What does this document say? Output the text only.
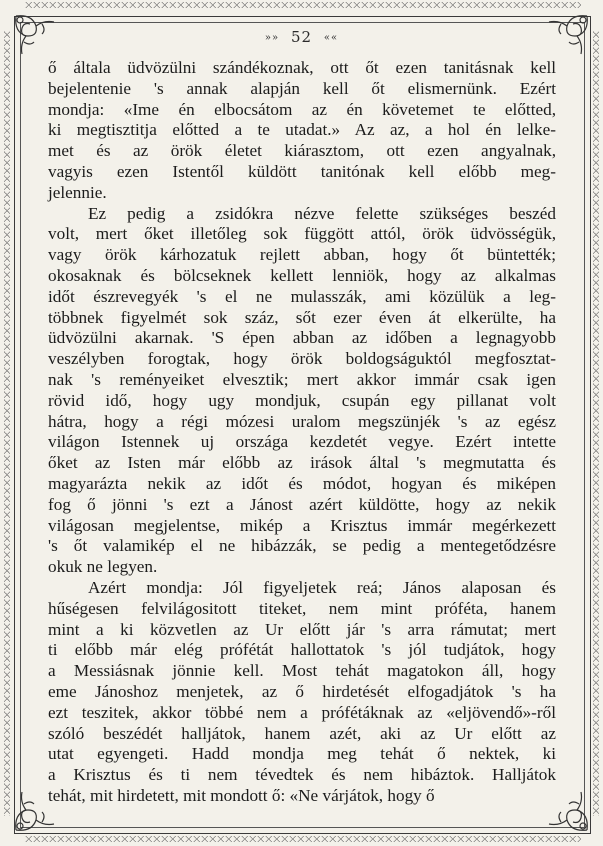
»» 52 ««
ő általa üdvözülni szándékoznak, ott őt ezen tanitásnak kell
bejelentenie 's annak alapján kell őt elismernünk. Ezért
mondja: «Ime én elbocsátom az én követemet te előtted,
ki megtisztitja előtted a te utadat.» Az az, a hol én lelke-
met és az örök életet kiárasztom, ott ezen angyalnak,
vagyis ezen Istentől küldött tanitónak kell előbb meg-
jelennie.
Ez pedig a zsidókra nézve felette szükséges beszéd
volt, mert őket illetőleg sok függött attól, örök üdvösségük,
vagy örök kárhozatuk rejlett abban, hogy őt büntették;
okosaknak és bölcseknek kellett lenniök, hogy az alkalmas
időt észrevegyék 's el ne mulasszák, ami közülük a leg-
többnek figyelmét sok száz, sőt ezer éven át elkerülte, ha
üdvözülni akarnak. 'S épen abban az időben a legnagyobb
veszélyben forogtak, hogy örök boldogságuktól megfosztat-
nak 's reményeiket elvesztik; mert akkor immár csak igen
rövid idő, hogy ugy mondjuk, csupán egy pillanat volt
hátra, hogy a régi mózesi uralom megszünjék 's az egész
világon Istennek uj országa kezdetét vegye. Ezért intette
őket az Isten már előbb az irások által 's megmutatta és
magyarázta nekik az időt és módot, hogyan és miképen
fog ő jönni 's ezt a Jánost azért küldötte, hogy az nekik
világosan megjelentse, mikép a Krisztus immár megérkezett
's őt valamikép el ne hibázzák, se pedig a mentegetődzésre
okuk ne legyen.
Azért mondja: Jól figyeljetek reá; János alaposan és
hűségesen felvilágositott titeket, nem mint próféta, hanem
mint a ki közvetlen az Ur előtt jár 's arra rámutat; mert
ti előbb már elég prófétát hallottatok 's jól tudjátok, hogy
a Messiásnak jönnie kell. Most tehát magatokon áll, hogy
eme Jánoshoz menjetek, az ő hirdetését elfogadjátok 's ha
ezt teszitek, akkor többé nem a prófétáknak az «eljövendő»-ről
szóló beszédét halljátok, hanem azét, aki az Ur előtt az
utat egyengeti. Hadd mondja meg tehát ő nektek, ki
a Krisztus és ti nem tévedtek és nem hibáztok. Halljátok
tehát, mit hirdetett, mit mondott ő: «Ne várjátok, hogy ő
